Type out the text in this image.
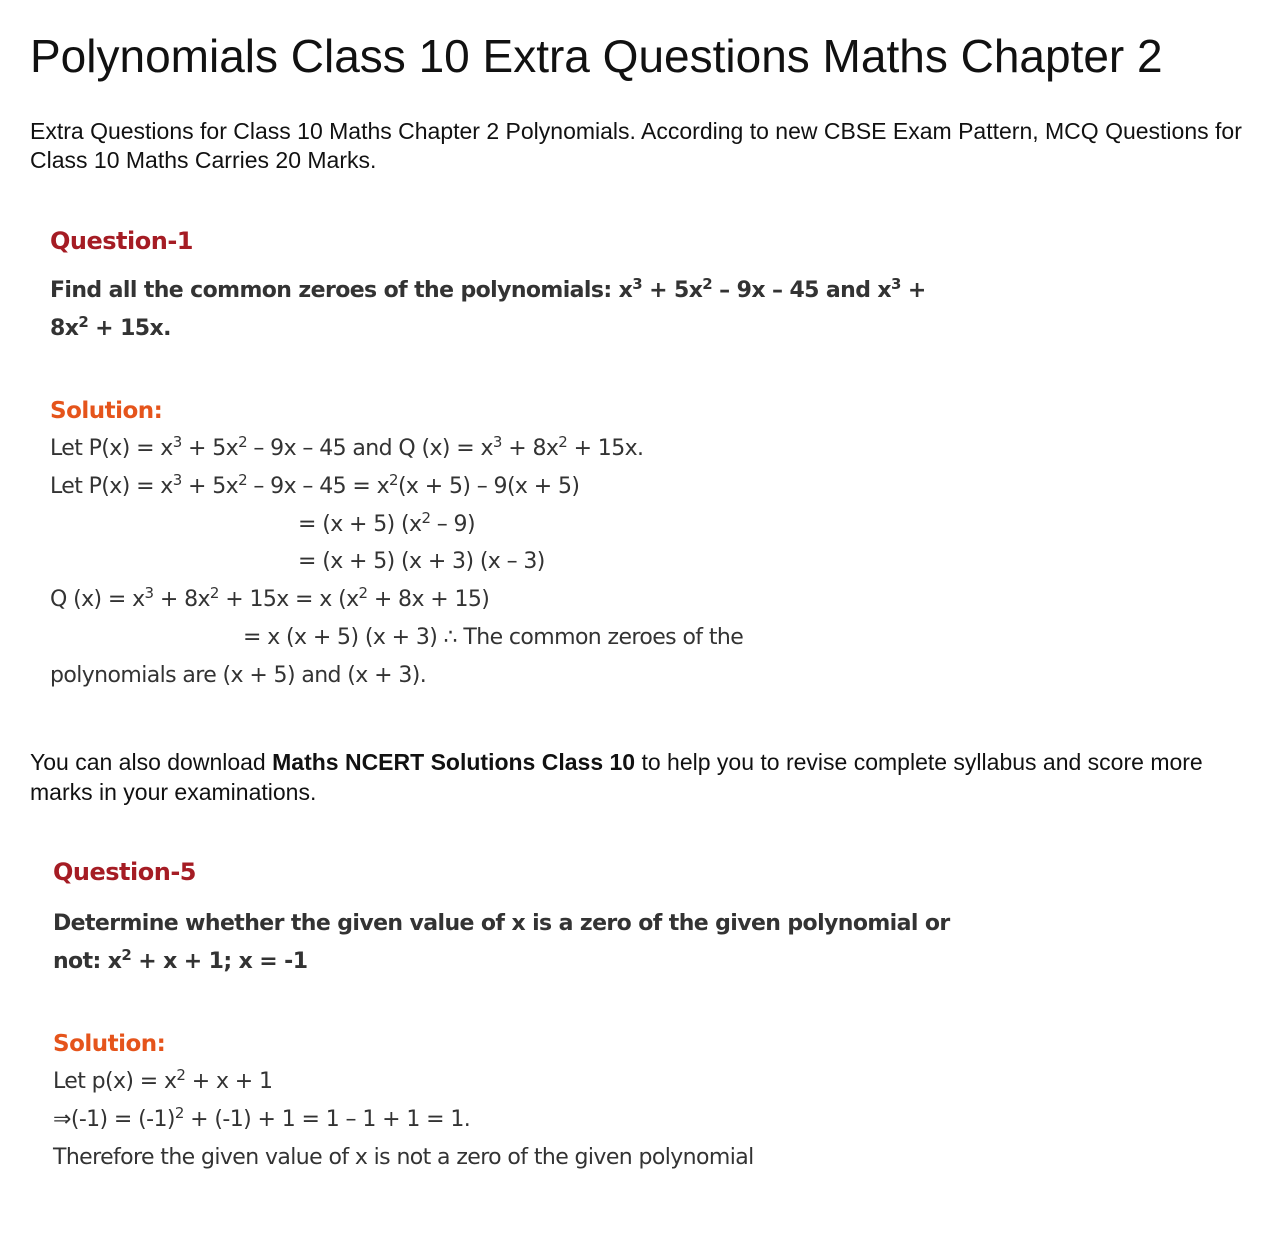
Polynomials Class 10 Extra Questions Maths Chapter 2

Extra Questions for Class 10 Maths Chapter 2 Polynomials. According to new CBSE Exam Pattern, MCQ Questions for Class 10 Maths Carries 20 Marks.

Question-1
Find all the common zeroes of the polynomials: $x^3 + 5x^2 - 9x - 45$ and $x^3 + 8x^2 + 15x$.
Solution:
Let $P(x) = x^3 + 5x^2 - 9x - 45$ and Q $(x) = x^3 + 8x^2 + 15x$.
Let $P(x) = x^3 + 5x^2 - 9x - 45 = x^2(x + 5) - 9(x + 5)$
= (x + 5) $(x^2 - 9)$
= (x + 5) (x + 3) (x – 3)
Q $(x) = x^3 + 8x^2 + 15x = x$ $(x^2 + 8x + 15)$
= x (x + 5) (x + 3) ∴ The common zeroes of the
polynomials are (x + 5) and (x + 3).

You can also download Maths NCERT Solutions Class 10 to help you to revise complete syllabus and score more marks in your examinations.

Question-5
Determine whether the given value of x is a zero of the given polynomial or
not: $x^2 + x + 1$; x = -1
Solution:
Let $p(x) = x^2 + x + 1$
⇒(-1) = $(-1)^2 + (-1) + 1 = 1 - 1 + 1 = 1$.
Therefore the given value of x is not a zero of the given polynomial
